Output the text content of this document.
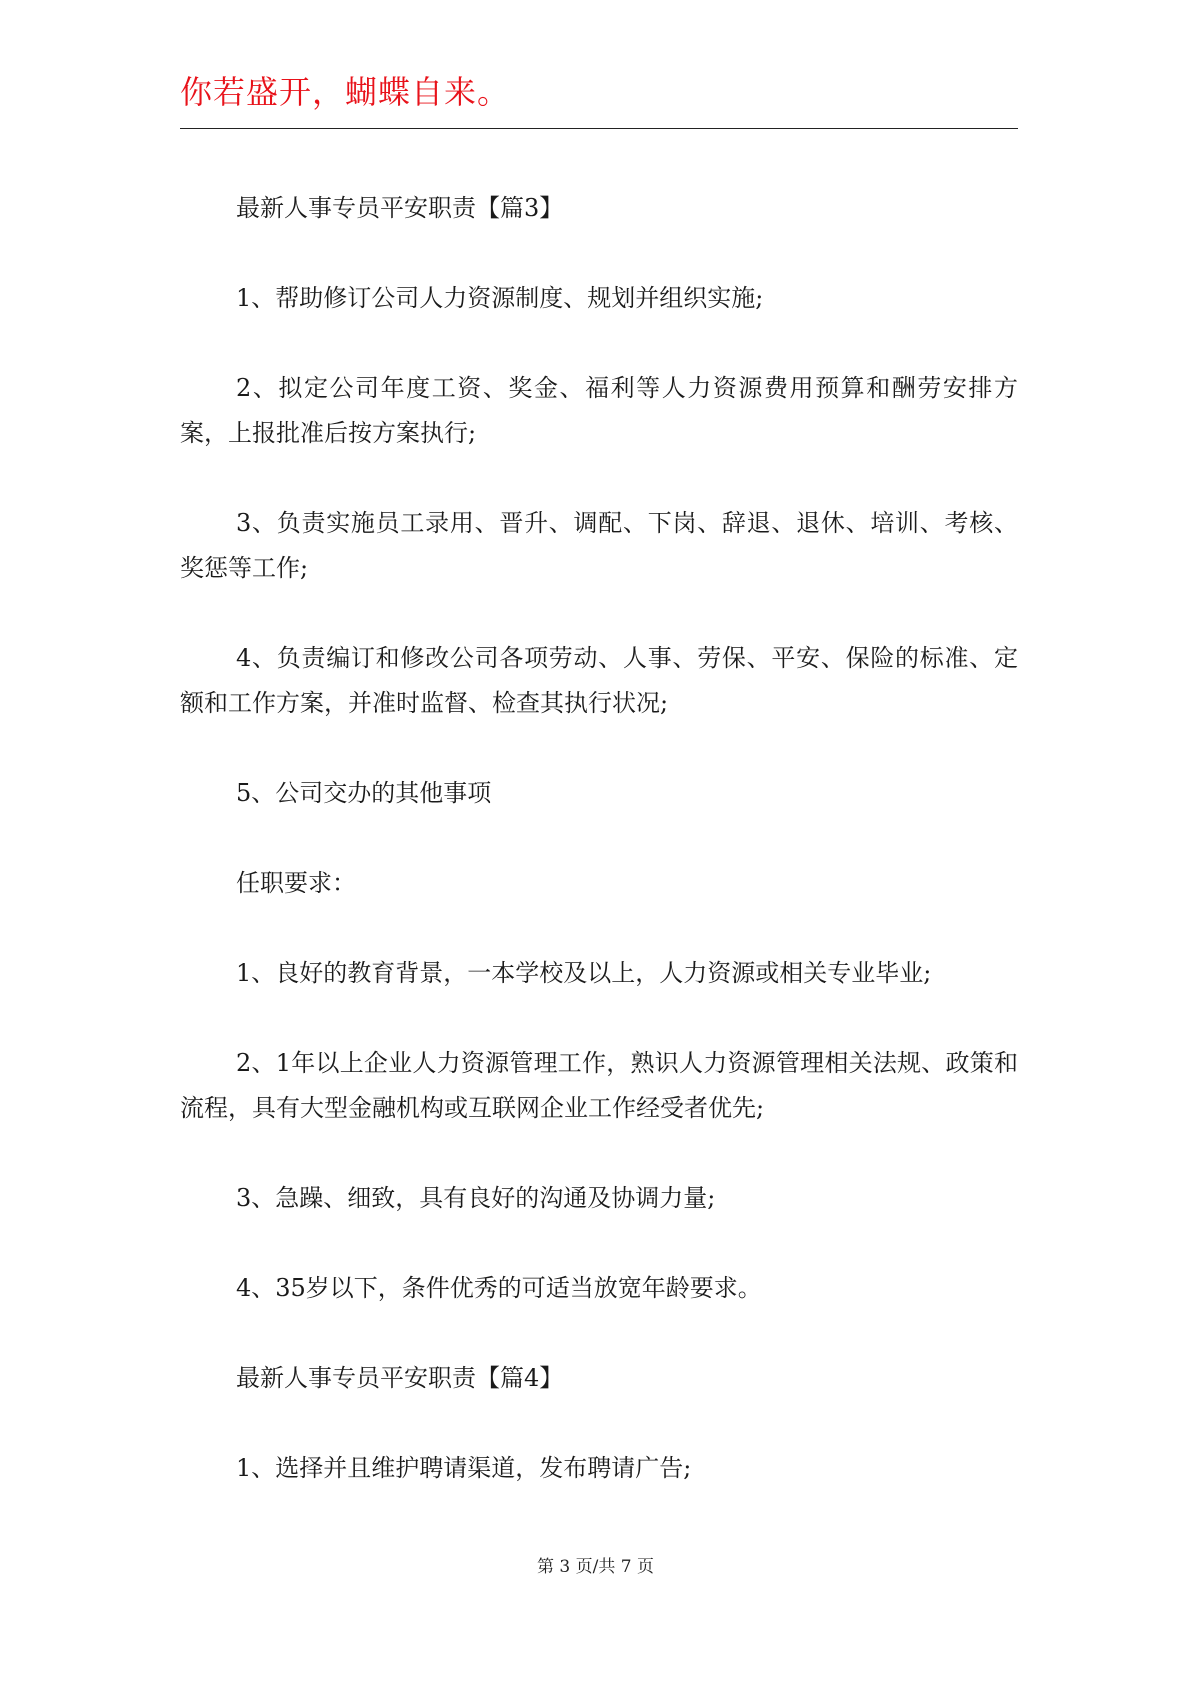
你若盛开，蝴蝶自来。

最新人事专员平安职责【篇3】

1、帮助修订公司人力资源制度、规划并组织实施;

2、拟定公司年度工资、奖金、福利等人力资源费用预算和酬劳安排方案，上报批准后按方案执行;

3、负责实施员工录用、晋升、调配、下岗、辞退、退休、培训、考核、奖惩等工作;

4、负责编订和修改公司各项劳动、人事、劳保、平安、保险的标准、定额和工作方案，并准时监督、检查其执行状况;

5、公司交办的其他事项

任职要求：

1、良好的教育背景，一本学校及以上，人力资源或相关专业毕业;

2、1年以上企业人力资源管理工作，熟识人力资源管理相关法规、政策和流程，具有大型金融机构或互联网企业工作经受者优先;

3、急躁、细致，具有良好的沟通及协调力量;

4、35岁以下，条件优秀的可适当放宽年龄要求。

最新人事专员平安职责【篇4】

1、选择并且维护聘请渠道，发布聘请广告;

第 3 页/共 7 页
